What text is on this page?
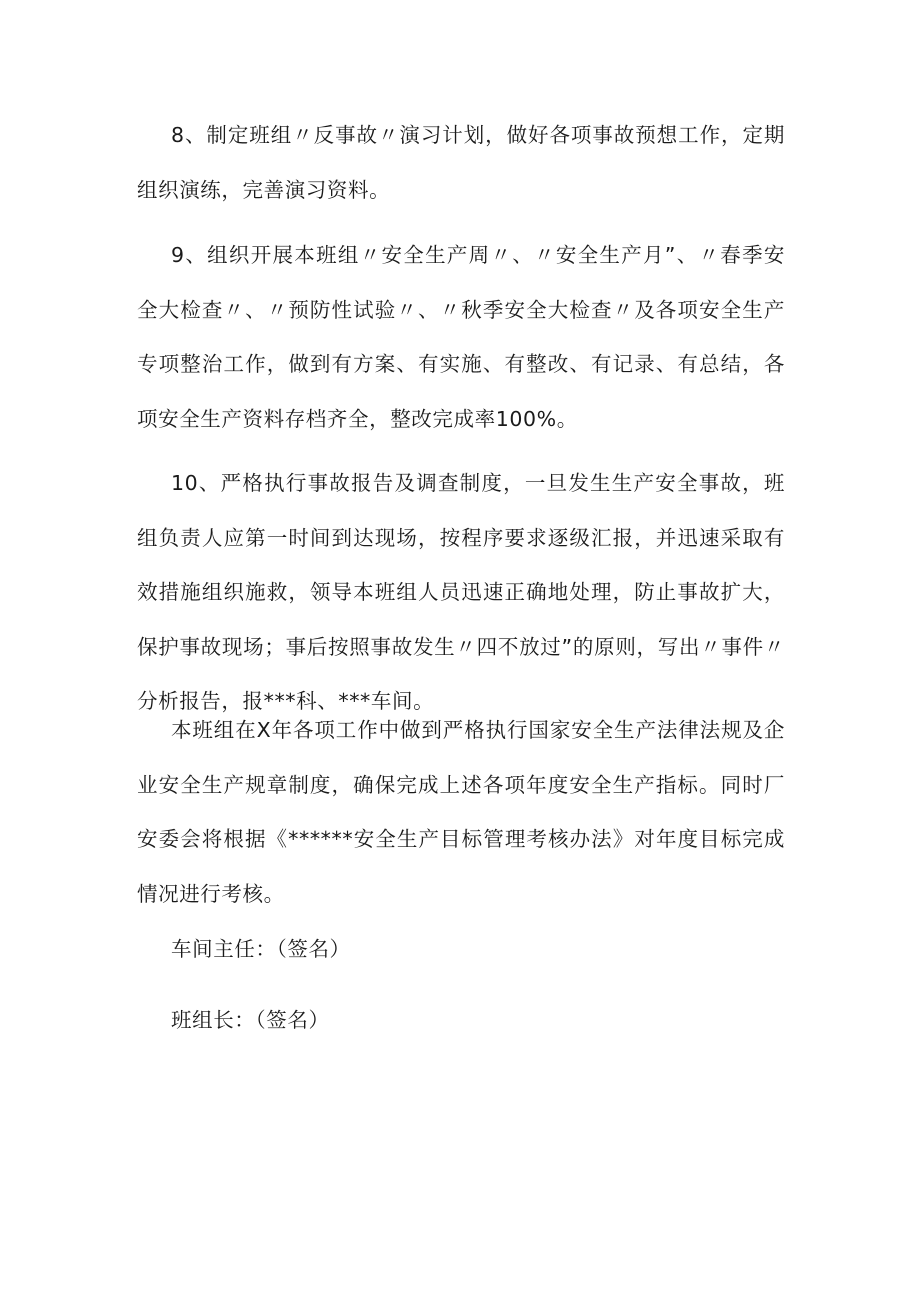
8、制定班组〃反事故〃演习计划，做好各项事故预想工作，定期组织演练，完善演习资料。

9、组织开展本班组〃安全生产周〃、〃安全生产月”、〃春季安全大检查〃、〃预防性试验〃、〃秋季安全大检查〃及各项安全生产专项整治工作，做到有方案、有实施、有整改、有记录、有总结，各项安全生产资料存档齐全，整改完成率100%。

10、严格执行事故报告及调查制度，一旦发生生产安全事故，班组负责人应第一时间到达现场，按程序要求逐级汇报，并迅速采取有效措施组织施救，领导本班组人员迅速正确地处理，防止事故扩大，保护事故现场；事后按照事故发生〃四不放过”的原则，写出〃事件〃分析报告，报***科、***车间。

本班组在X年各项工作中做到严格执行国家安全生产法律法规及企业安全生产规章制度，确保完成上述各项年度安全生产指标。同时厂安委会将根据《******安全生产目标管理考核办法》对年度目标完成情况进行考核。

车间主任：（签名）

班组长：（签名）
